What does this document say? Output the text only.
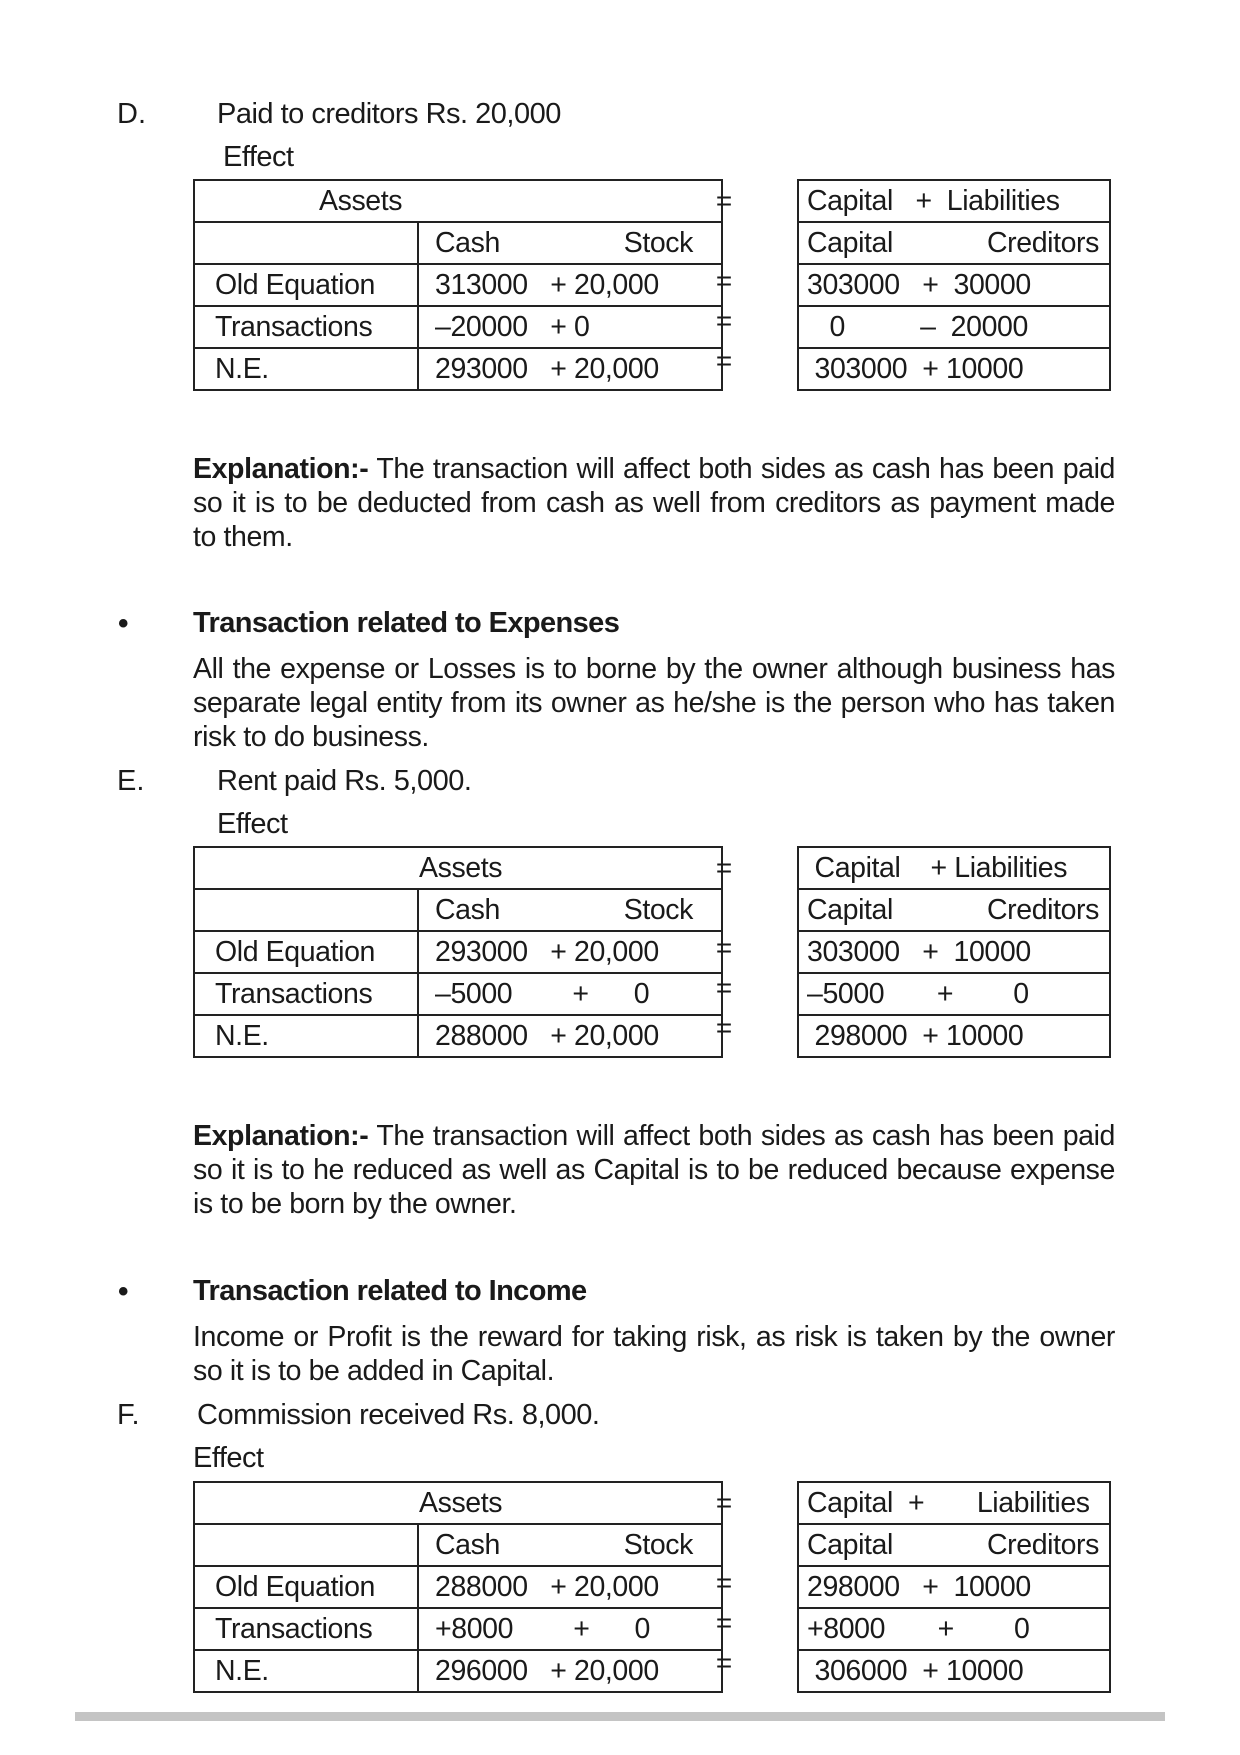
D. Paid to creditors Rs. 20,000
Effect
Assets	

	Cash Stock

Old Equation	313000   + 20,000
Transactions	–20000   + 0
N.E.	293000   + 20,000
=
=
=
=
Capital   +  Liabilities

Capital	Creditors

303000   +  30000
0          –  20000
303000  + 10000
Explanation:- The transaction will affect both sides as cash has been paid so it is to be deducted from cash as well from creditors as payment made to them.
• Transaction related to Expenses
All the expense or Losses is to borne by the owner although business has separate legal entity from its owner as he/she is the person who has taken risk to do business.
E.	Rent paid Rs. 5,000.
Effect
Assets	

	Cash Stock

Old Equation	293000   + 20,000
Transactions	–5000        +      0
N.E.	288000   + 20,000
=
=
=
=
Capital    + Liabilities

Capital	Creditors

303000   +  10000
–5000       +        0
298000  + 10000
Explanation:- The transaction will affect both sides as cash has been paid so it is to he reduced as well as Capital is to be reduced because expense is to be born by the owner.
• Transaction related to Income
Income or Profit is the reward for taking risk, as risk is taken by the owner so it is to be added in Capital.
F. Commission received Rs. 8,000.
Effect
Assets	

	Cash Stock

Old Equation	288000   + 20,000
Transactions	+8000        +      0
N.E.	296000   + 20,000
=
=
=
=
Capital  +       Liabilities

Capital	Creditors

298000   +  10000
+8000       +        0
306000  + 10000
